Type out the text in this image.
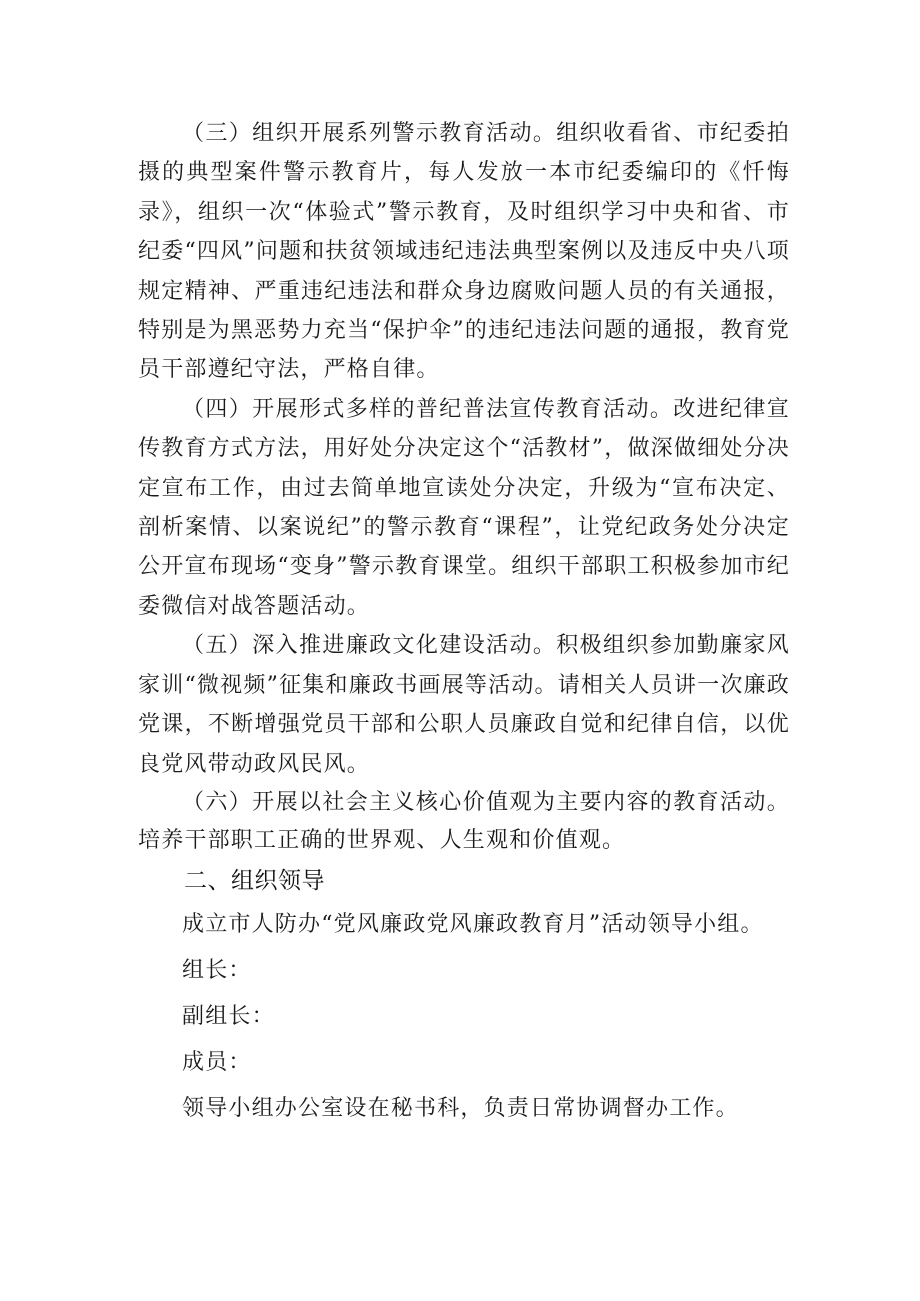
（三）组织开展系列警示教育活动。组织收看省、市纪委拍摄的典型案件警示教育片，每人发放一本市纪委编印的《忏悔录》，组织一次“体验式”警示教育，及时组织学习中央和省、市纪委“四风”问题和扶贫领域违纪违法典型案例以及违反中央八项规定精神、严重违纪违法和群众身边腐败问题人员的有关通报，特别是为黑恶势力充当“保护伞”的违纪违法问题的通报，教育党员干部遵纪守法，严格自律。

（四）开展形式多样的普纪普法宣传教育活动。改进纪律宣传教育方式方法，用好处分决定这个“活教材”，做深做细处分决定宣布工作，由过去简单地宣读处分决定，升级为“宣布决定、剖析案情、以案说纪”的警示教育“课程”，让党纪政务处分决定公开宣布现场“变身”警示教育课堂。组织干部职工积极参加市纪委微信对战答题活动。

（五）深入推进廉政文化建设活动。积极组织参加勤廉家风家训“微视频”征集和廉政书画展等活动。请相关人员讲一次廉政党课，不断增强党员干部和公职人员廉政自觉和纪律自信，以优良党风带动政风民风。

（六）开展以社会主义核心价值观为主要内容的教育活动。培养干部职工正确的世界观、人生观和价值观。

二、组织领导

成立市人防办“党风廉政党风廉政教育月”活动领导小组。

组长：

副组长：

成员：

领导小组办公室设在秘书科，负责日常协调督办工作。
